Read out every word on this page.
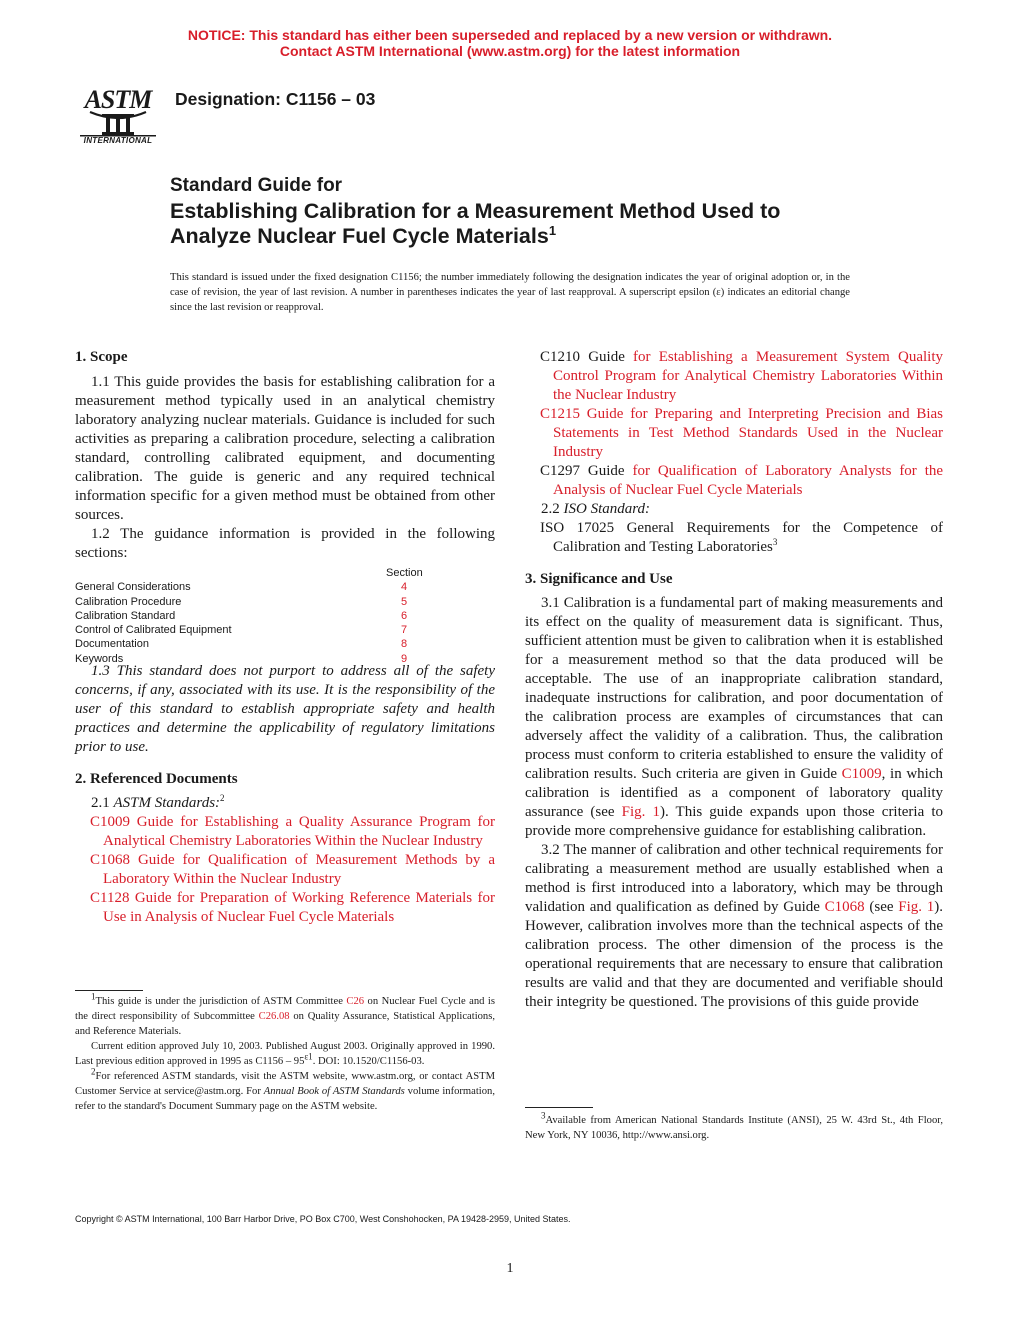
NOTICE: This standard has either been superseded and replaced by a new version or withdrawn.
Contact ASTM International (www.astm.org) for the latest information
ASTM
INTERNATIONAL
Designation: C1156 – 03
Standard Guide for
Establishing Calibration for a Measurement Method Used to
Analyze Nuclear Fuel Cycle Materials$^1$
This standard is issued under the fixed designation C1156; the number immediately following the designation indicates the year of original adoption or, in the case of revision, the year of last revision. A number in parentheses indicates the year of last reapproval. A superscript epsilon (ε) indicates an editorial change since the last revision or reapproval.
1. Scope

1.1 This guide provides the basis for establishing calibration for a measurement method typically used in an analytical chemistry laboratory analyzing nuclear materials. Guidance is included for such activities as preparing a calibration procedure, selecting a calibration standard, controlling calibrated equipment, and documenting calibration. The guide is generic and any required technical information specific for a given method must be obtained from other sources.

1.2 The guidance information is provided in the following sections:

Section
General Considerations	4
Calibration Procedure	5
Calibration Standard	6
Control of Calibrated Equipment	7
Documentation	8
Keywords	9

1.3 This standard does not purport to address all of the safety concerns, if any, associated with its use. It is the responsibility of the user of this standard to establish appropriate safety and health practices and determine the applicability of regulatory limitations prior to use.

2. Referenced Documents

2.1 ASTM Standards:$^2$

C1009 Guide for Establishing a Quality Assurance Program for Analytical Chemistry Laboratories Within the Nuclear Industry

C1068 Guide for Qualification of Measurement Methods by a Laboratory Within the Nuclear Industry

C1128 Guide for Preparation of Working Reference Materials for Use in Analysis of Nuclear Fuel Cycle Materials

$^1$This guide is under the jurisdiction of ASTM Committee C26 on Nuclear Fuel Cycle and is the direct responsibility of Subcommittee C26.08 on Quality Assurance, Statistical Applications, and Reference Materials.

Current edition approved July 10, 2003. Published August 2003. Originally approved in 1990. Last previous edition approved in 1995 as $C1156 - 95^{\varepsilon 1}$. DOI: 10.1520/C1156-03.

$^2$For referenced ASTM standards, visit the ASTM website, www.astm.org, or contact ASTM Customer Service at service@astm.org. For Annual Book of ASTM Standards volume information, refer to the standard's Document Summary page on the ASTM website.

C1210 Guide for Establishing a Measurement System Quality Control Program for Analytical Chemistry Laboratories Within the Nuclear Industry

C1215 Guide for Preparing and Interpreting Precision and Bias Statements in Test Method Standards Used in the Nuclear Industry

C1297 Guide for Qualification of Laboratory Analysts for the Analysis of Nuclear Fuel Cycle Materials

2.2 ISO Standard:

ISO 17025 General Requirements for the Competence of Calibration and Testing Laboratories$^3$

3. Significance and Use

3.1 Calibration is a fundamental part of making measurements and its effect on the quality of measurement data is significant. Thus, sufficient attention must be given to calibration when it is established for a measurement method so that the data produced will be acceptable. The use of an inappropriate calibration standard, inadequate instructions for calibration, and poor documentation of the calibration process are examples of circumstances that can adversely affect the validity of a calibration. Thus, the calibration process must conform to criteria established to ensure the validity of calibration results. Such criteria are given in Guide C1009, in which calibration is identified as a component of laboratory quality assurance (see Fig. 1). This guide expands upon those criteria to provide more comprehensive guidance for establishing calibration.

3.2 The manner of calibration and other technical requirements for calibrating a measurement method are usually established when a method is first introduced into a laboratory, which may be through validation and qualification as defined by Guide C1068 (see Fig. 1). However, calibration involves more than the technical aspects of the calibration process. The other dimension of the process is the operational requirements that are necessary to ensure that calibration results are valid and that they are documented and verifiable should their integrity be questioned. The provisions of this guide provide

$^3$Available from American National Standards Institute (ANSI), 25 W. 43rd St., 4th Floor, New York, NY 10036, http://www.ansi.org.

Copyright © ASTM International, 100 Barr Harbor Drive, PO Box C700, West Conshohocken, PA 19428-2959, United States.
1
